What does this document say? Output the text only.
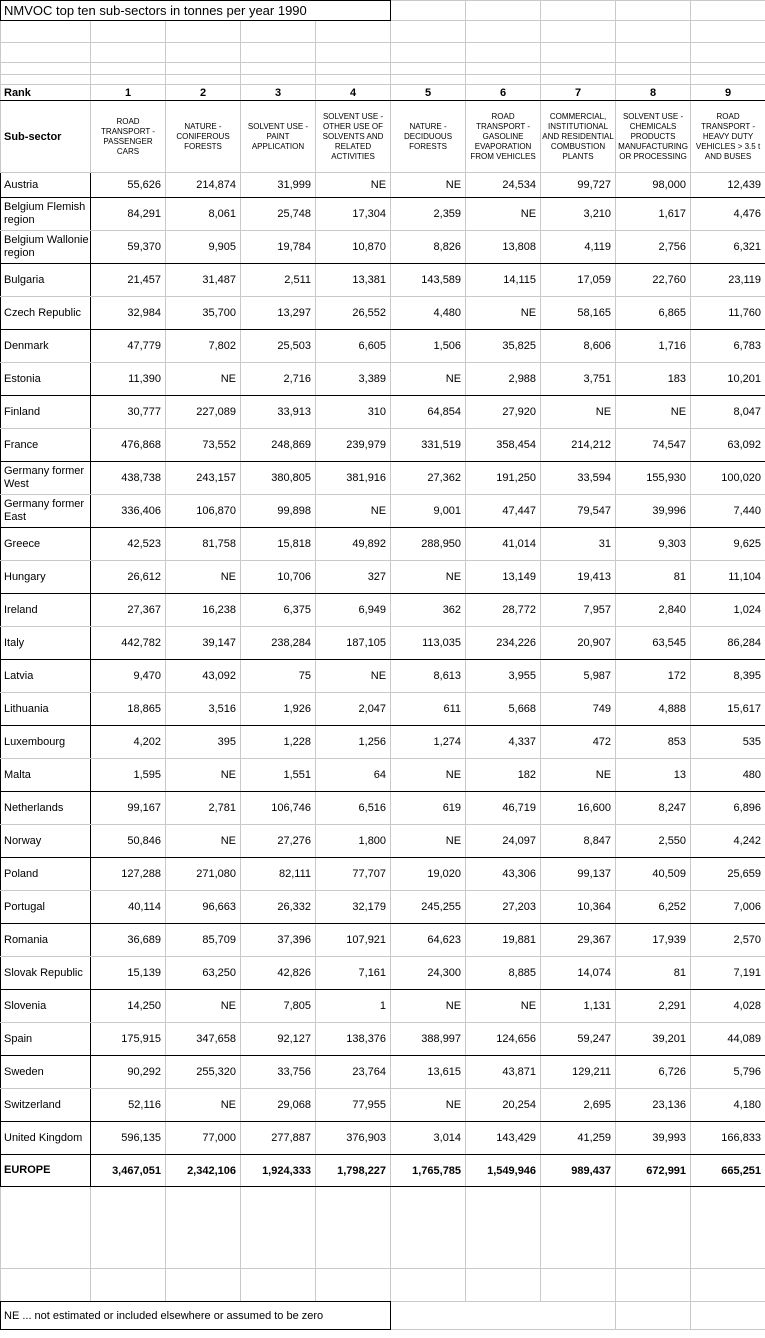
NMVOC top ten sub-sectors in tonnes per year 1990									

Rank	1	2	3	4	5	6	7	8	9
Sub-sector	ROAD TRANSPORT - PASSENGER CARS	NATURE - CONIFEROUS FORESTS	SOLVENT USE - PAINT APPLICATION	SOLVENT USE - OTHER USE OF SOLVENTS AND RELATED ACTIVITIES	NATURE - DECIDUOUS FORESTS	ROAD TRANSPORT - GASOLINE EVAPORATION FROM VEHICLES	COMMERCIAL, INSTITUTIONAL AND RESIDENTIAL COMBUSTION PLANTS	SOLVENT USE - CHEMICALS PRODUCTS MANUFACTURING OR PROCESSING	ROAD TRANSPORT - HEAVY DUTY VEHICLES > 3.5 t AND BUSES
Austria	55,626	214,874	31,999	NE	NE	24,534	99,727	98,000	12,439
Belgium Flemish region	84,291	8,061	25,748	17,304	2,359	NE	3,210	1,617	4,476
Belgium Wallonie region	59,370	9,905	19,784	10,870	8,826	13,808	4,119	2,756	6,321
Bulgaria	21,457	31,487	2,511	13,381	143,589	14,115	17,059	22,760	23,119
Czech Republic	32,984	35,700	13,297	26,552	4,480	NE	58,165	6,865	11,760
Denmark	47,779	7,802	25,503	6,605	1,506	35,825	8,606	1,716	6,783
Estonia	11,390	NE	2,716	3,389	NE	2,988	3,751	183	10,201
Finland	30,777	227,089	33,913	310	64,854	27,920	NE	NE	8,047
France	476,868	73,552	248,869	239,979	331,519	358,454	214,212	74,547	63,092
Germany former West	438,738	243,157	380,805	381,916	27,362	191,250	33,594	155,930	100,020
Germany former East	336,406	106,870	99,898	NE	9,001	47,447	79,547	39,996	7,440
Greece	42,523	81,758	15,818	49,892	288,950	41,014	31	9,303	9,625
Hungary	26,612	NE	10,706	327	NE	13,149	19,413	81	11,104
Ireland	27,367	16,238	6,375	6,949	362	28,772	7,957	2,840	1,024
Italy	442,782	39,147	238,284	187,105	113,035	234,226	20,907	63,545	86,284
Latvia	9,470	43,092	75	NE	8,613	3,955	5,987	172	8,395
Lithuania	18,865	3,516	1,926	2,047	611	5,668	749	4,888	15,617
Luxembourg	4,202	395	1,228	1,256	1,274	4,337	472	853	535
Malta	1,595	NE	1,551	64	NE	182	NE	13	480
Netherlands	99,167	2,781	106,746	6,516	619	46,719	16,600	8,247	6,896
Norway	50,846	NE	27,276	1,800	NE	24,097	8,847	2,550	4,242
Poland	127,288	271,080	82,111	77,707	19,020	43,306	99,137	40,509	25,659
Portugal	40,114	96,663	26,332	32,179	245,255	27,203	10,364	6,252	7,006
Romania	36,689	85,709	37,396	107,921	64,623	19,881	29,367	17,939	2,570
Slovak Republic	15,139	63,250	42,826	7,161	24,300	8,885	14,074	81	7,191
Slovenia	14,250	NE	7,805	1	NE	NE	1,131	2,291	4,028
Spain	175,915	347,658	92,127	138,376	388,997	124,656	59,247	39,201	44,089
Sweden	90,292	255,320	33,756	23,764	13,615	43,871	129,211	6,726	5,796
Switzerland	52,116	NE	29,068	77,955	NE	20,254	2,695	23,136	4,180
United Kingdom	596,135	77,000	277,887	376,903	3,014	143,429	41,259	39,993	166,833
EUROPE	3,467,051	2,342,106	1,924,333	1,798,227	1,765,785	1,549,946	989,437	672,991	665,251

NE ... not estimated or included elsewhere or assumed to be zero									
